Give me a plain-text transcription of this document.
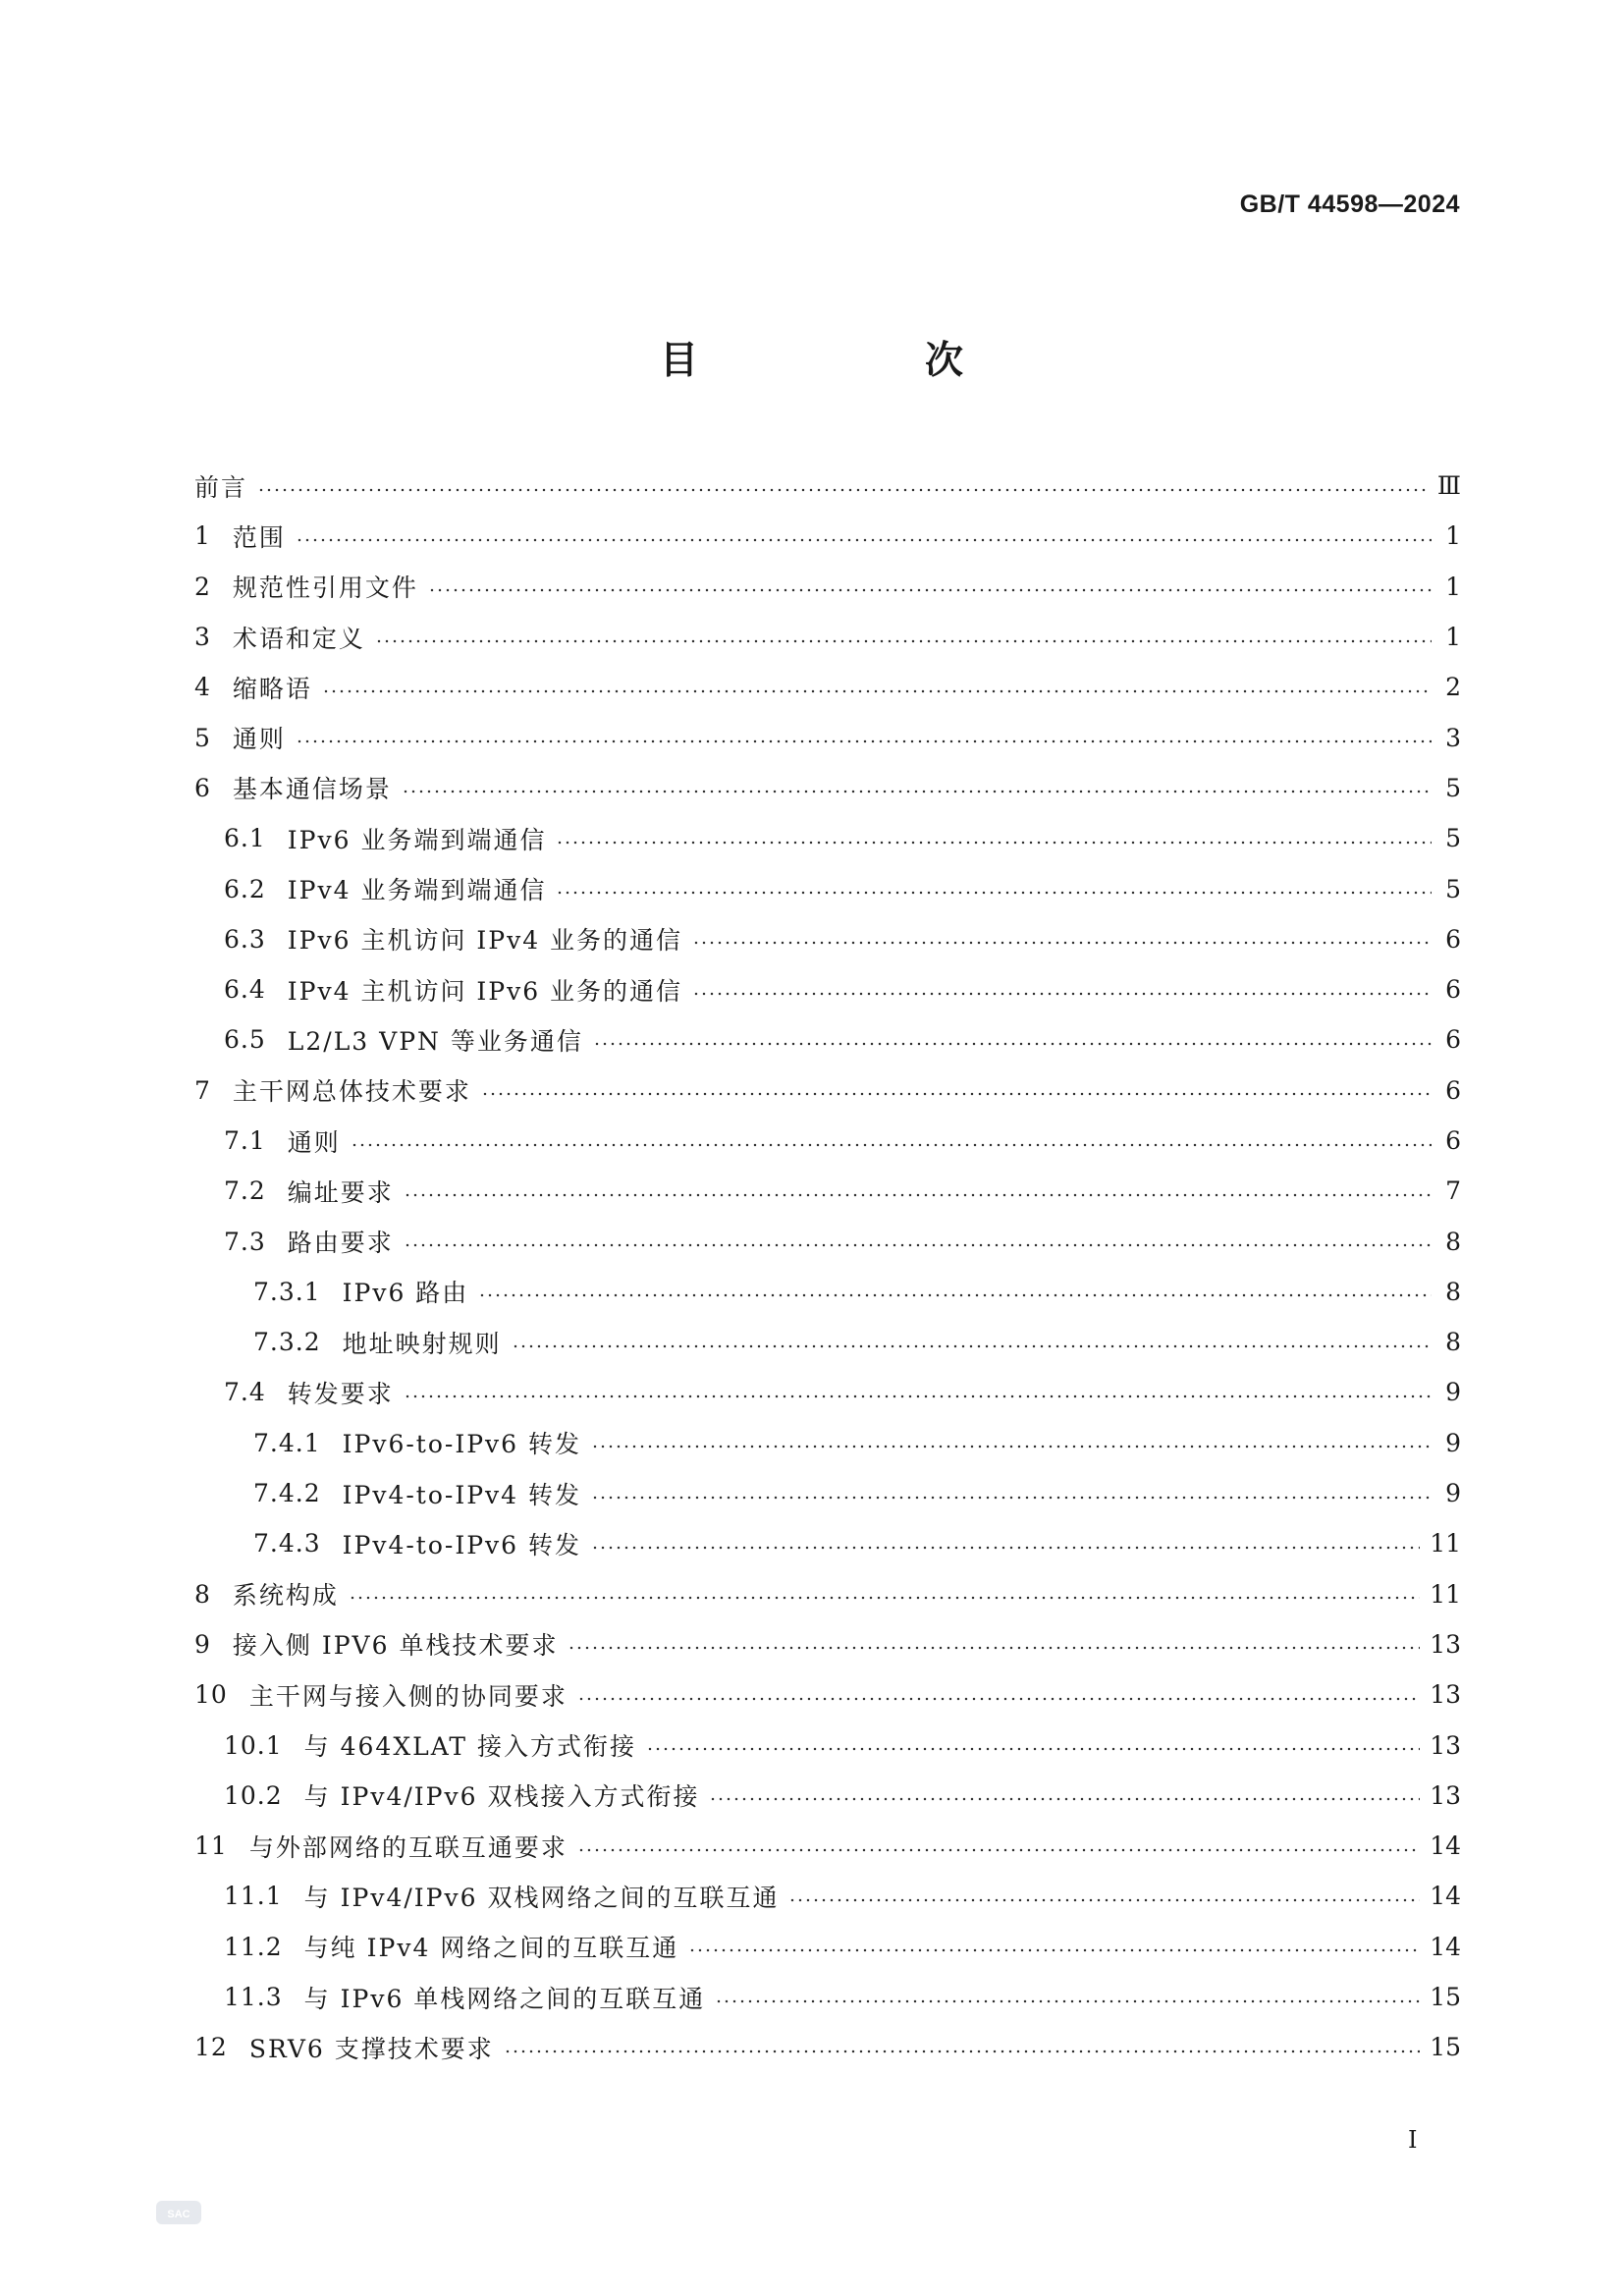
GB/T 44598—2024
目　次
前言	Ⅲ
1 范围	1
2 规范性引用文件	1
3 术语和定义	1
4 缩略语	2
5 通则	3
6 基本通信场景	5
6.1 IPv6 业务端到端通信	5
6.2 IPv4 业务端到端通信	5
6.3 IPv6 主机访问 IPv4 业务的通信	6
6.4 IPv4 主机访问 IPv6 业务的通信	6
6.5 L2/L3 VPN 等业务通信	6
7 主干网总体技术要求	6
7.1 通则	6
7.2 编址要求	7
7.3 路由要求	8
7.3.1 IPv6 路由	8
7.3.2 地址映射规则	8
7.4 转发要求	9
7.4.1 IPv6-to-IPv6 转发	9
7.4.2 IPv4-to-IPv4 转发	9
7.4.3 IPv4-to-IPv6 转发	11
8 系统构成	11
9 接入侧 IPV6 单栈技术要求	13
10 主干网与接入侧的协同要求	13
10.1 与 464XLAT 接入方式衔接	13
10.2 与 IPv4/IPv6 双栈接入方式衔接	13
11 与外部网络的互联互通要求	14
11.1 与 IPv4/IPv6 双栈网络之间的互联互通	14
11.2 与纯 IPv4 网络之间的互联互通	14
11.3 与 IPv6 单栈网络之间的互联互通	15
12 SRV6 支撑技术要求	15
I
SAC
